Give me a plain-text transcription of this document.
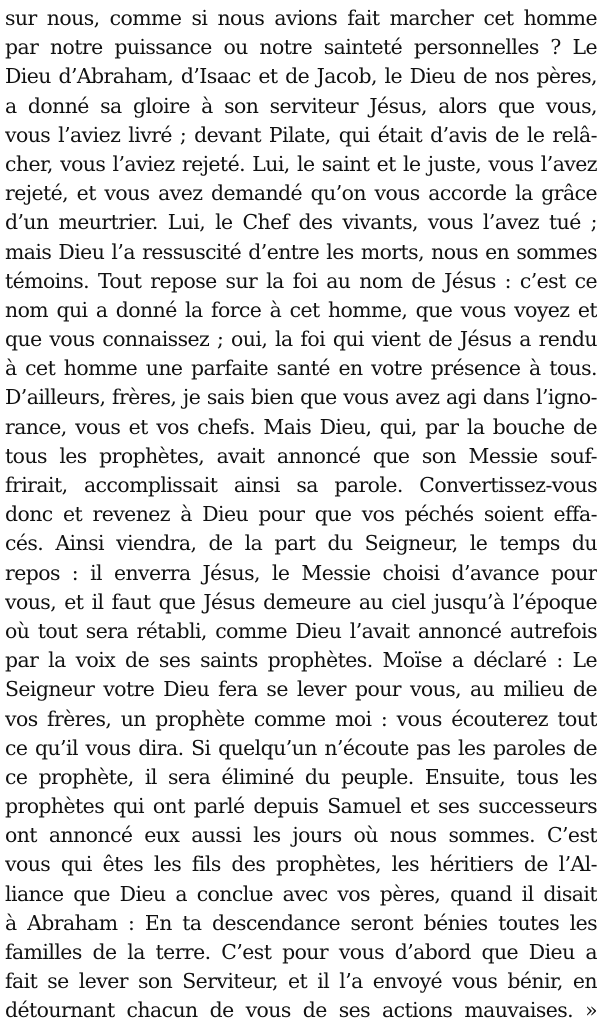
sur nous, comme si nous avions fait marcher cet homme
par notre puissance ou notre sainteté personnelles ? Le
Dieu d’Abraham, d’Isaac et de Jacob, le Dieu de nos pères,
a donné sa gloire à son serviteur Jésus, alors que vous,
vous l’aviez livré ; devant Pilate, qui était d’avis de le relâ-
cher, vous l’aviez rejeté. Lui, le saint et le juste, vous l’avez
rejeté, et vous avez demandé qu’on vous accorde la grâce
d’un meurtrier. Lui, le Chef des vivants, vous l’avez tué ;
mais Dieu l’a ressuscité d’entre les morts, nous en sommes
témoins. Tout repose sur la foi au nom de Jésus : c’est ce
nom qui a donné la force à cet homme, que vous voyez et
que vous connaissez ; oui, la foi qui vient de Jésus a rendu
à cet homme une parfaite santé en votre présence à tous.
D’ailleurs, frères, je sais bien que vous avez agi dans l’igno-
rance, vous et vos chefs. Mais Dieu, qui, par la bouche de
tous les prophètes, avait annoncé que son Messie souf-
frirait, accomplissait ainsi sa parole. Convertissez-vous
donc et revenez à Dieu pour que vos péchés soient effa-
cés. Ainsi viendra, de la part du Seigneur, le temps du
repos : il enverra Jésus, le Messie choisi d’avance pour
vous, et il faut que Jésus demeure au ciel jusqu’à l’époque
où tout sera rétabli, comme Dieu l’avait annoncé autrefois
par la voix de ses saints prophètes. Moïse a déclaré : Le
Seigneur votre Dieu fera se lever pour vous, au milieu de
vos frères, un prophète comme moi : vous écouterez tout
ce qu’il vous dira. Si quelqu’un n’écoute pas les paroles de
ce prophète, il sera éliminé du peuple. Ensuite, tous les
prophètes qui ont parlé depuis Samuel et ses successeurs
ont annoncé eux aussi les jours où nous sommes. C’est
vous qui êtes les fils des prophètes, les héritiers de l’Al-
liance que Dieu a conclue avec vos pères, quand il disait
à Abraham : En ta descendance seront bénies toutes les
familles de la terre. C’est pour vous d’abord que Dieu a
fait se lever son Serviteur, et il l’a envoyé vous bénir, en
détournant chacun de vous de ses actions mauvaises. »
